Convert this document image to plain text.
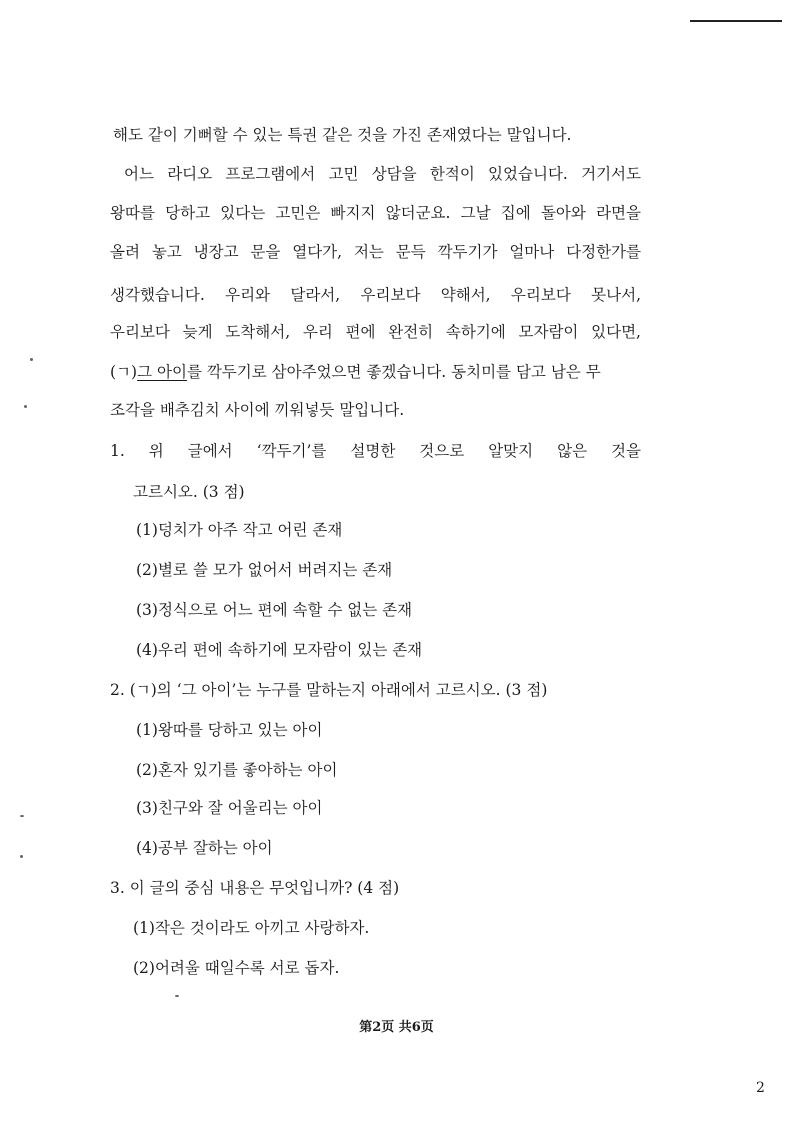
해도 같이 기뻐할 수 있는 특권 같은 것을 가진 존재였다는 말입니다.
어느 라디오 프로그램에서 고민 상담을 한적이 있었습니다. 거기서도
왕따를 당하고 있다는 고민은 빠지지 않더군요. 그날 집에 돌아와 라면을
올려 놓고 냉장고 문을 열다가, 저는 문득 깍두기가 얼마나 다정한가를
생각했습니다. 우리와 달라서, 우리보다 약해서, 우리보다 못나서,
우리보다 늦게 도착해서, 우리 편에 완전히 속하기에 모자람이 있다면,
(ㄱ)그 아이를 깍두기로 삼아주었으면 좋겠습니다. 동치미를 담고 남은 무
조각을 배추김치 사이에 끼워넣듯 말입니다.
1. 위 글에서 ‘깍두기’를 설명한 것으로 알맞지 않은 것을
고르시오. (3 점)
(1)덩치가 아주 작고 어린 존재
(2)별로 쓸 모가 없어서 버려지는 존재
(3)정식으로 어느 편에 속할 수 없는 존재
(4)우리 편에 속하기에 모자람이 있는 존재
2. (ㄱ)의 ‘그 아이’는 누구를 말하는지 아래에서 고르시오. (3 점)
(1)왕따를 당하고 있는 아이
(2)혼자 있기를 좋아하는 아이
(3)친구와 잘 어울리는 아이
(4)공부 잘하는 아이
3. 이 글의 중심 내용은 무엇입니까? (4 점)
(1)작은 것이라도 아끼고 사랑하자.
(2)어려울 때일수록 서로 돕자.
第2页 共6页
2
